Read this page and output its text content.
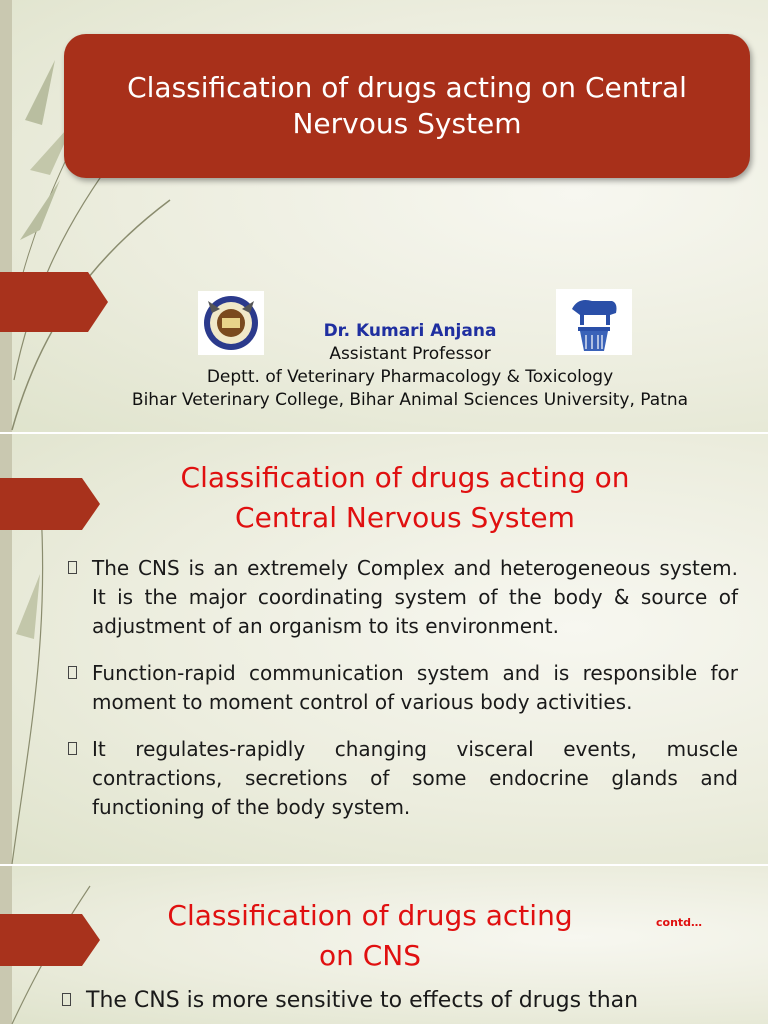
Classification of drugs acting on Central Nervous System
Dr. Kumari Anjana
Assistant Professor
Deptt. of Veterinary Pharmacology & Toxicology
Bihar Veterinary College, Bihar Animal Sciences University, Patna
Classification of drugs acting on
Central Nervous System
The CNS is an extremely Complex and heterogeneous system. It is the major coordinating system of the body & source of adjustment of an organism to its environment.
Function-rapid communication system and is responsible for moment to moment control of various body activities.
It regulates-rapidly changing visceral events, muscle contractions, secretions of some endocrine glands and functioning of the body system.
Classification of drugs acting
on CNS
contd…
The CNS is more sensitive to effects of drugs than
